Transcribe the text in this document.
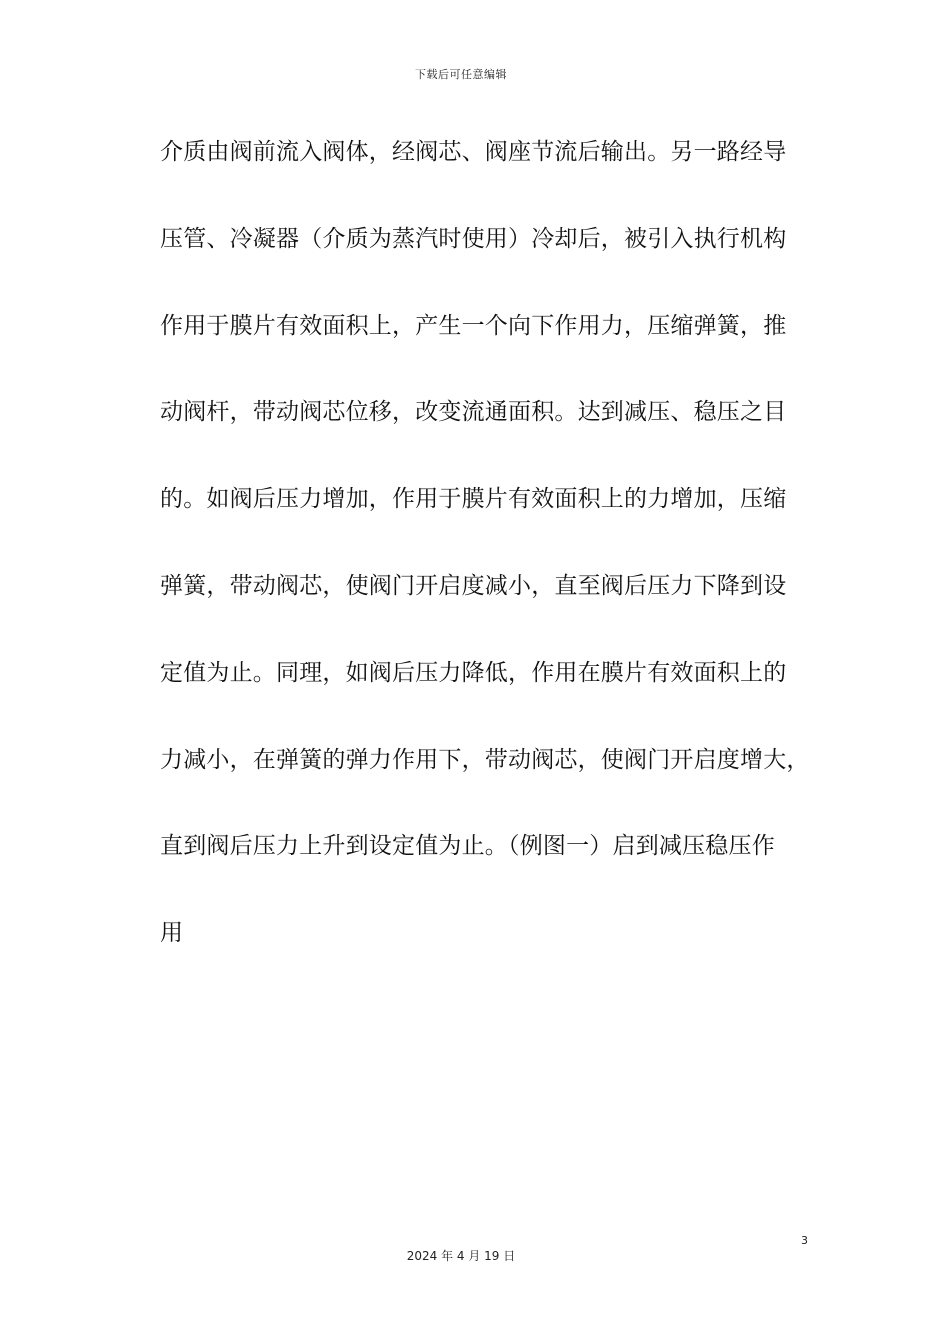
下载后可任意编辑
介质由阀前流入阀体，经阀芯、阀座节流后输出。另一路经导
压管、冷凝器（介质为蒸汽时使用）冷却后，被引入执行机构
作用于膜片有效面积上，产生一个向下作用力，压缩弹簧，推
动阀杆，带动阀芯位移，改变流通面积。达到减压、稳压之目
的。如阀后压力增加，作用于膜片有效面积上的力增加，压缩
弹簧，带动阀芯，使阀门开启度减小，直至阀后压力下降到设
定值为止。同理，如阀后压力降低，作用在膜片有效面积上的
力减小，在弹簧的弹力作用下，带动阀芯，使阀门开启度增大，
直到阀后压力上升到设定值为止。（例图一）启到减压稳压作
用
3
2024 年 4 月 19 日
